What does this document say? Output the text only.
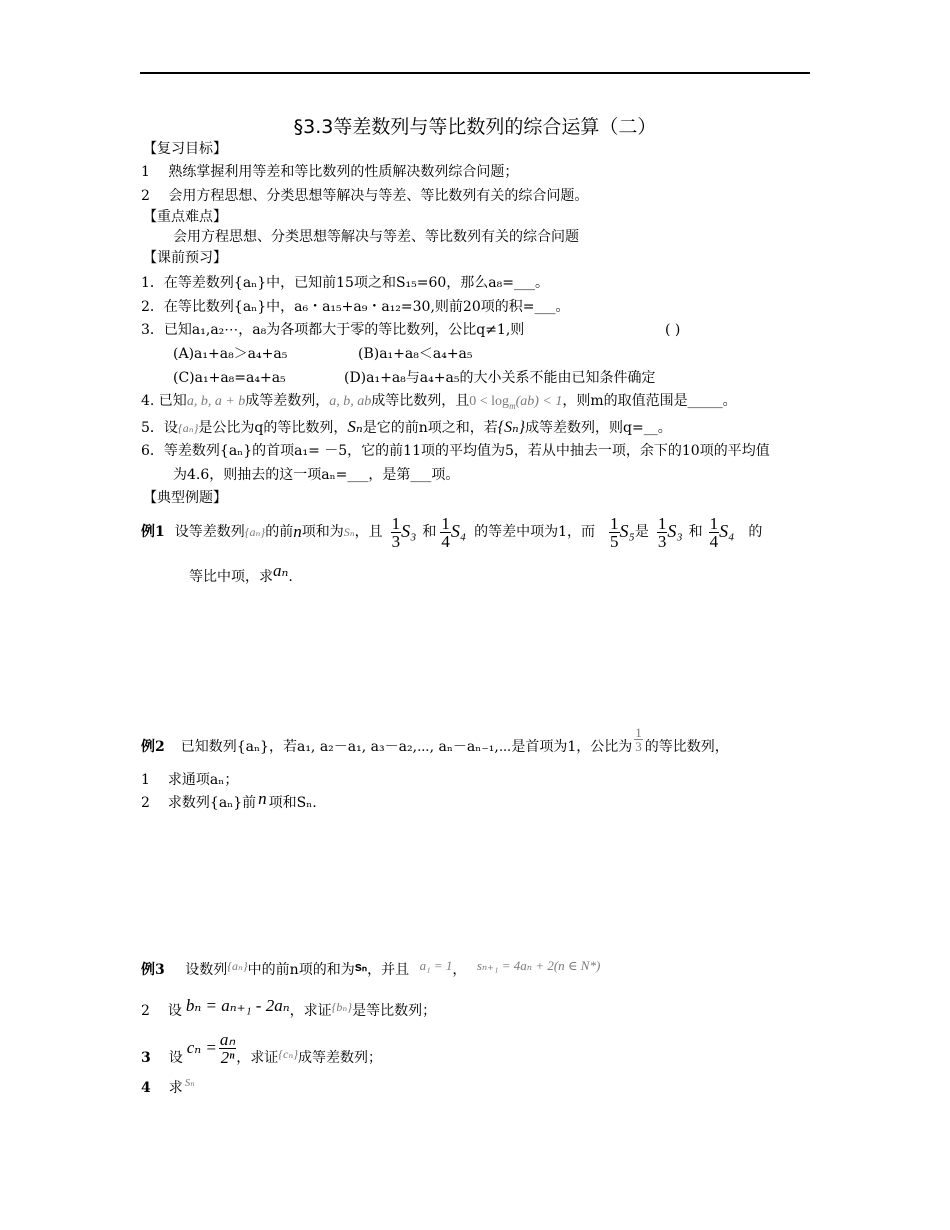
§3.3等差数列与等比数列的综合运算（二）
【复习目标】
1 熟练掌握利用等差和等比数列的性质解决数列综合问题；
2 会用方程思想、分类思想等解决与等差、等比数列有关的综合问题。
【重点难点】
会用方程思想、分类思想等解决与等差、等比数列有关的综合问题
【课前预习】
1．在等差数列{aₙ}中，已知前15项之和S₁₅=60，那么a₈=___。
2．在等比数列{aₙ}中，a₆・a₁₅+a₉・a₁₂=30,则前20项的积=___。
3．已知a₁,a₂⋯，a₈为各项都大于零的等比数列，公比q≠1,则	( )
(A)a₁+a₈＞a₄+a₅	(B)a₁+a₈＜a₄+a₅
(C)a₁+a₈=a₄+a₅	(D)a₁+a₈与a₄+a₅的大小关系不能由已知条件确定
4. 已知a, b, a + b成等差数列，a, b, ab成等比数列，且$0 < \log_m(ab) < 1$，则m的取值范围是_____。
5．设{aₙ}是公比为q的等比数列，Sₙ是它的前n项之和，若{Sₙ}成等差数列，则q=__。
6．等差数列{aₙ}的首项a₁= －5，它的前11项的平均值为5，若从中抽去一项，余下的10项的平均值
为4.6，则抽去的这一项aₙ=___，是第___项。
【典型例题】
例1 设等差数列 {aₙ} 的前 n 项和为 Sₙ ，且 $\frac{1}{3} S_3$ 和 $\frac{1}{4} S_4$ 的等差中项为1，而 $\frac{1}{5} S_5$ 是 $\frac{1}{3} S_3$ 和 $\frac{1}{4} S_4$ 的
等比中项，求aₙ.
例2 已知数列{aₙ}，若a₁, a₂－a₁, a₃－a₂,⋯, aₙ－aₙ₋₁,⋯是首项为1，公比为 $\frac{1}{3}$ 的等比数列，
1 求通项aₙ；
2 求数列{aₙ}前 n 项和Sₙ.
例3 设数列{aₙ}中的前n项的和为sₙ，并且 a₁ = 1， sₙ₊₁ = 4aₙ + 2(n ∈ N*)
2 设 bₙ = aₙ₊₁ - 2aₙ，求证{bₙ}是等比数列；
3 设
$c_n = \frac{\text{aₙ}}{\text{2ⁿ}}$ ，求证 {cₙ} 成等差数列；
4 求 $^{S_n}$
